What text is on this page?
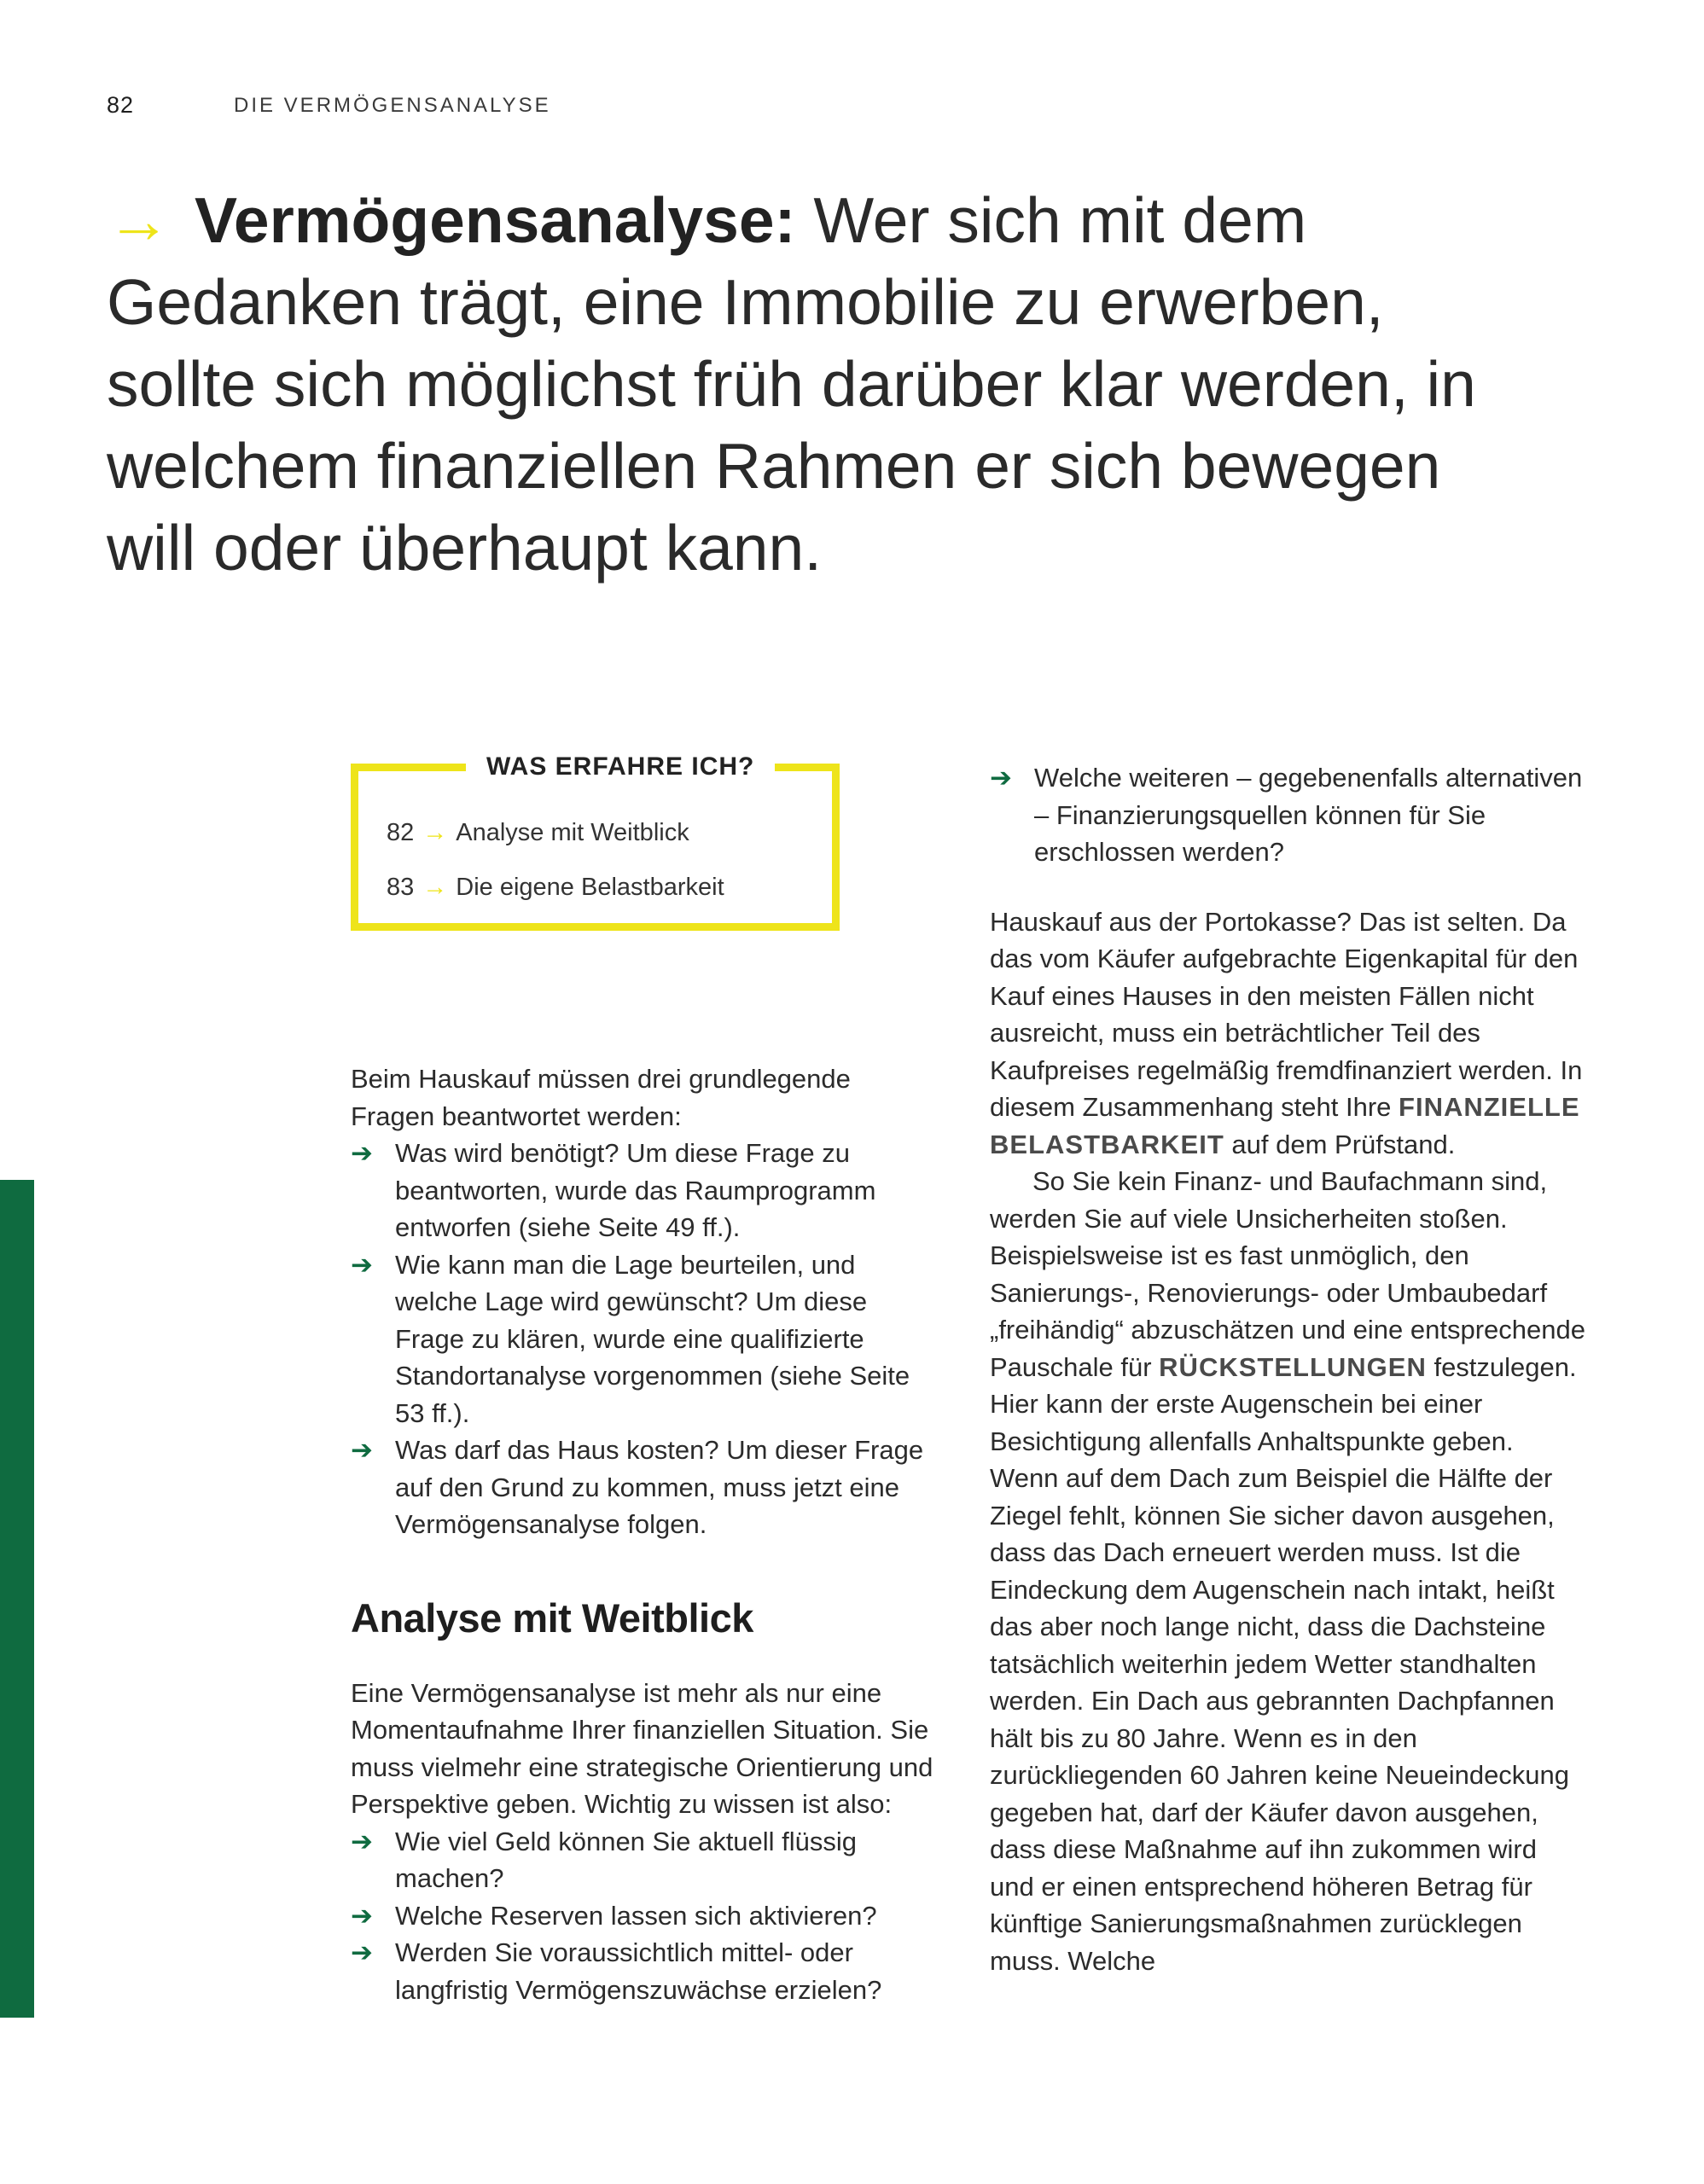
82	DIE VERMÖGENSANALYSE

→ Vermögensanalyse: Wer sich mit dem Gedanken trägt, eine Immobilie zu erwerben, sollte sich möglichst früh darüber klar werden, in welchem finanziellen Rahmen er sich bewegen will oder überhaupt kann.

WAS ERFAHRE ICH?
82 → Analyse mit Weitblick
83 → Die eigene Belastbarkeit

Beim Hauskauf müssen drei grundlegende Fragen beantwortet werden:

➔ Was wird benötigt? Um diese Frage zu beantworten, wurde das Raumprogramm entworfen (siehe Seite 49 ff.).
➔ Wie kann man die Lage beurteilen, und welche Lage wird gewünscht? Um diese Frage zu klären, wurde eine qualifizierte Standortanalyse vorgenommen (siehe Seite 53 ff.).
➔ Was darf das Haus kosten? Um dieser Frage auf den Grund zu kommen, muss jetzt eine Vermögensanalyse folgen.
Analyse mit Weitblick

Eine Vermögensanalyse ist mehr als nur eine Momentaufnahme Ihrer finanziellen Situation. Sie muss vielmehr eine strategische Orientierung und Perspektive geben. Wichtig zu wissen ist also:

➔ Wie viel Geld können Sie aktuell flüssig machen?
➔ Welche Reserven lassen sich aktivieren?
➔ Werden Sie voraussichtlich mittel- oder langfristig Vermögenszuwächse erzielen?
➔ Welche weiteren – gegebenenfalls alternativen – Finanzierungsquellen können für Sie erschlossen werden?

Hauskauf aus der Portokasse? Das ist selten. Da das vom Käufer aufgebrachte Eigenkapital für den Kauf eines Hauses in den meisten Fällen nicht ausreicht, muss ein beträchtlicher Teil des Kaufpreises regelmäßig fremdfinanziert werden. In diesem Zusammenhang steht Ihre FINANZIELLE BELASTBARKEIT auf dem Prüfstand.

So Sie kein Finanz- und Baufachmann sind, werden Sie auf viele Unsicherheiten stoßen. Beispielsweise ist es fast unmöglich, den Sanierungs-, Renovierungs- oder Umbaubedarf „freihändig“ abzuschätzen und eine entsprechende Pauschale für RÜCKSTELLUNGEN festzulegen. Hier kann der erste Augenschein bei einer Besichtigung allenfalls Anhaltspunkte geben. Wenn auf dem Dach zum Beispiel die Hälfte der Ziegel fehlt, können Sie sicher davon ausgehen, dass das Dach erneuert werden muss. Ist die Eindeckung dem Augenschein nach intakt, heißt das aber noch lange nicht, dass die Dachsteine tatsächlich weiterhin jedem Wetter standhalten werden. Ein Dach aus gebrannten Dachpfannen hält bis zu 80 Jahre. Wenn es in den zurückliegenden 60 Jahren keine Neueindeckung gegeben hat, darf der Käufer davon ausgehen, dass diese Maßnahme auf ihn zukommen wird und er einen entsprechend höheren Betrag für künftige Sanierungsmaßnahmen zurücklegen muss. Welche
